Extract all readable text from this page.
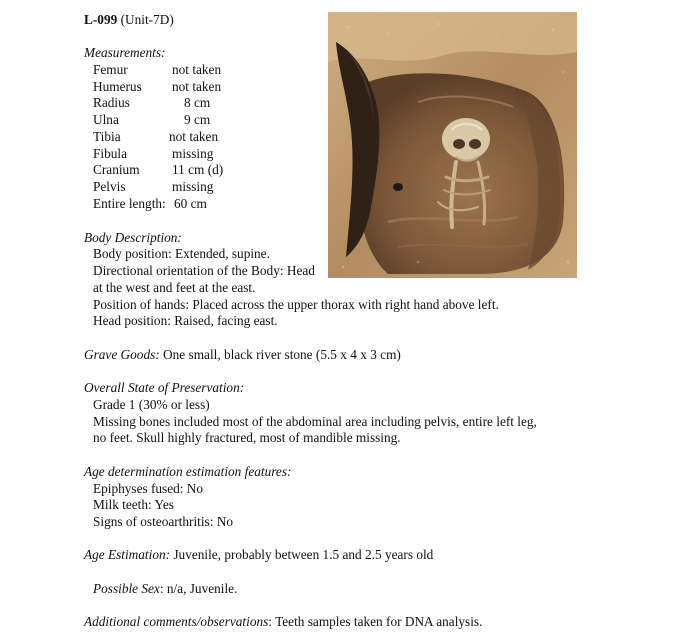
L-099 (Unit-7D)
Measurements:
Femur	not taken
Humerus not taken
Radius	8 cm
Ulna	9 cm
Tibia	not taken
Fibula	missing
Cranium 11 cm (d)
Pelvis	missing
Entire length: 60 cm
Body Description:
Body position: Extended, supine.
Directional orientation of the Body: Head
at the west and feet at the east.
Position of hands: Placed across the upper thorax with right hand above left.
Head position: Raised, facing east.
Grave Goods: One small, black river stone (5.5 x 4 x 3 cm)
Overall State of Preservation:
Grade 1 (30% or less)
Missing bones included most of the abdominal area including pelvis, entire left leg,
no feet. Skull highly fractured, most of mandible missing.
Age determination estimation features:
Epiphyses fused: No
Milk teeth: Yes
Signs of osteoarthritis: No
Age Estimation: Juvenile, probably between 1.5 and 2.5 years old
Possible Sex: n/a, Juvenile.
Additional comments/observations: Teeth samples taken for DNA analysis.
